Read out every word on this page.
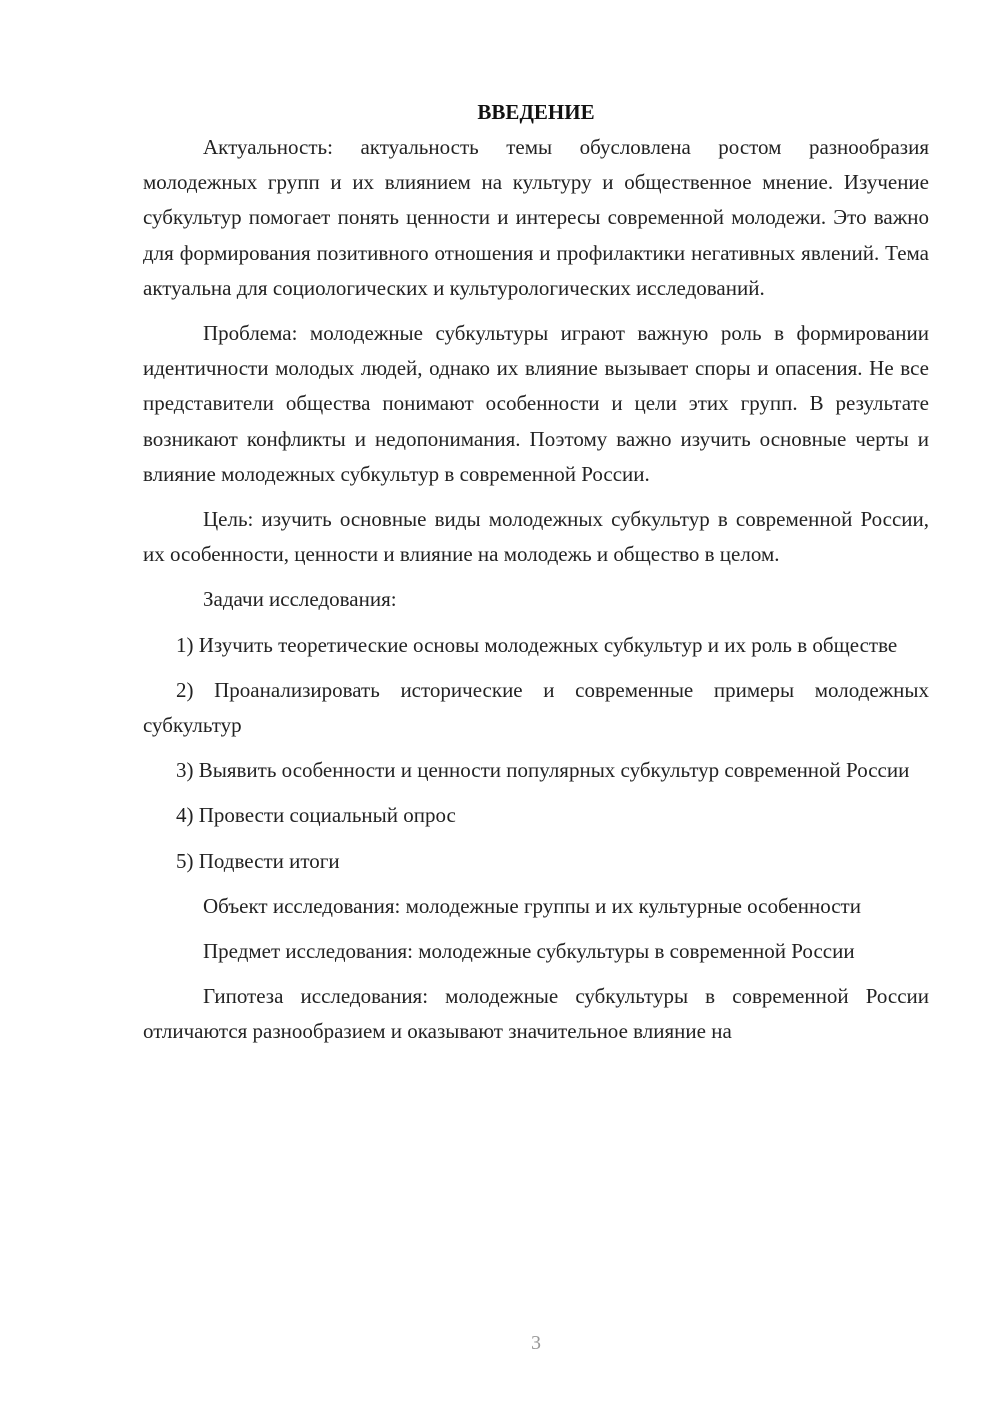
ВВЕДЕНИЕ

Актуальность: актуальность темы обусловлена ростом разнообразия молодежных групп и их влиянием на культуру и общественное мнение. Изучение субкультур помогает понять ценности и интересы современной молодежи. Это важно для формирования позитивного отношения и профилактики негативных явлений. Тема актуальна для социологических и культурологических исследований.

Проблема: молодежные субкультуры играют важную роль в формировании идентичности молодых людей, однако их влияние вызывает споры и опасения. Не все представители общества понимают особенности и цели этих групп. В результате возникают конфликты и недопонимания. Поэтому важно изучить основные черты и влияние молодежных субкультур в современной России.

Цель: изучить основные виды молодежных субкультур в современной России, их особенности, ценности и влияние на молодежь и общество в целом.

Задачи исследования:

1) Изучить теоретические основы молодежных субкультур и их роль в обществе

2) Проанализировать исторические и современные примеры молодежных субкультур

3) Выявить особенности и ценности популярных субкультур современной России

4) Провести социальный опрос

5) Подвести итоги

Объект исследования: молодежные группы и их культурные особенности

Предмет исследования: молодежные субкультуры в современной России

Гипотеза исследования: молодежные субкультуры в современной России отличаются разнообразием и оказывают значительное влияние на

3
